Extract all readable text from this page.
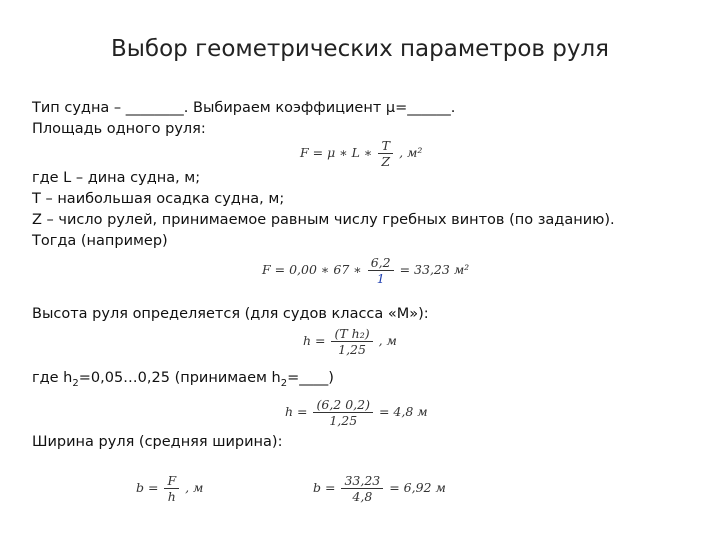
Выбор геометрических параметров руля
Тип судна – ________. Выбираем коэффициент μ=______.
Площадь одного руля:
F = μ ∗ L ∗ $\frac{T}{Z}$ , м²
где L – дина судна, м;
T – наибольшая осадка судна, м;
Z – число рулей, принимаемое равным числу гребных винтов (по заданию).
Тогда (например)
F = 0,00 ∗ 67 ∗ $\frac{6,2}{1} = 33,23$ м²
Высота руля определяется (для судов класса «М»):
$h = \frac{\text{(T h₂)}}{1,25}$ , м
где $h_2=0,05\dots 0,25$ (принимаем $h_2=\_\_\_\_$)
$h = \frac{(6,2 0,2)}{1,25} = 4,8$ м
Ширина руля (средняя ширина):
$b = \frac{F}{h}$ , м	$b = \frac{33,23}{4,8} = 6,92$ м
